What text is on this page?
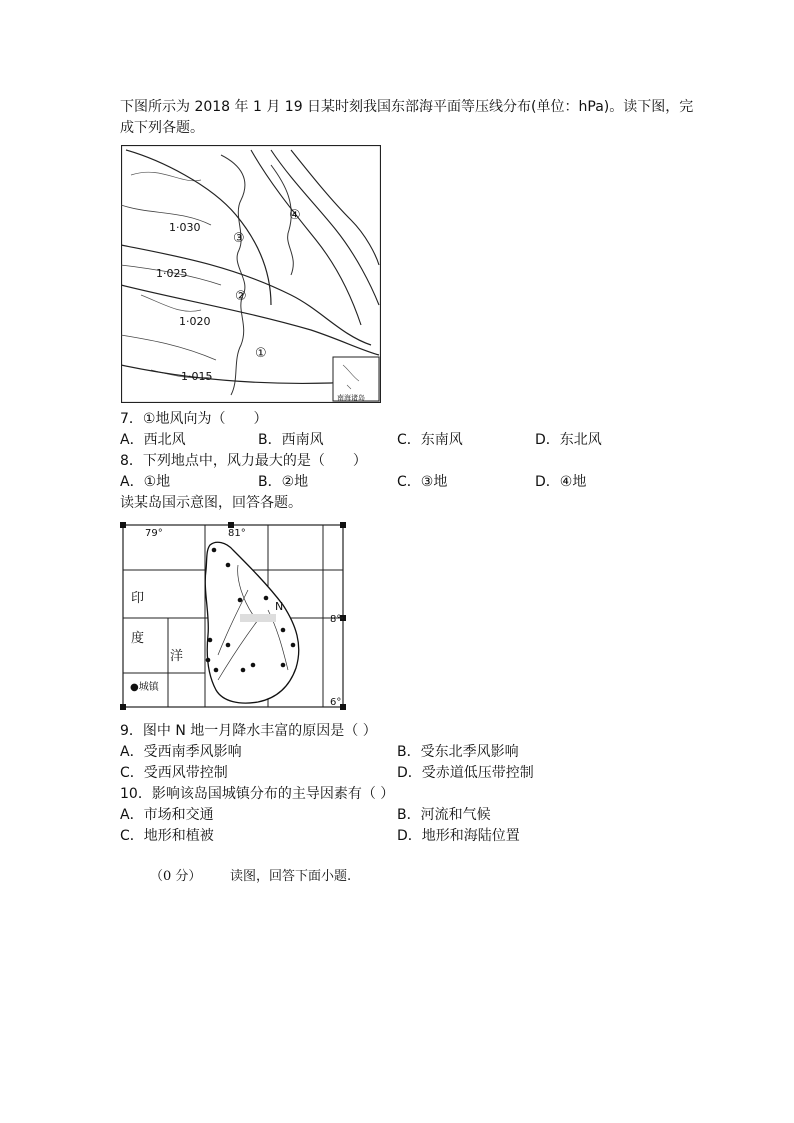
下图所示为 2018 年 1 月 19 日某时刻我国东部海平面等压线分布(单位：hPa)。读下图，完
成下列各题。
1·030
1·025
1·020
1·015
①
②
③
④
南海诸岛
7．①地风向为（　　）
A．西北风	B．西南风	C．东南风	D．东北风
8．下列地点中，风力最大的是（　　）
A．①地	B．②地	C．③地	D．④地
读某岛国示意图，回答各题。
79°	81°
8°
6°
印
度
洋
N
●城镇
9．图中 N 地一月降水丰富的原因是（ ）
A．受西南季风影响	B．受东北季风影响
C．受西风带控制	D．受赤道低压带控制
10．影响该岛国城镇分布的主导因素有（ ）
A．市场和交通	B．河流和气候
C．地形和植被	D．地形和海陆位置
（0 分） 读图，回答下面小题.
